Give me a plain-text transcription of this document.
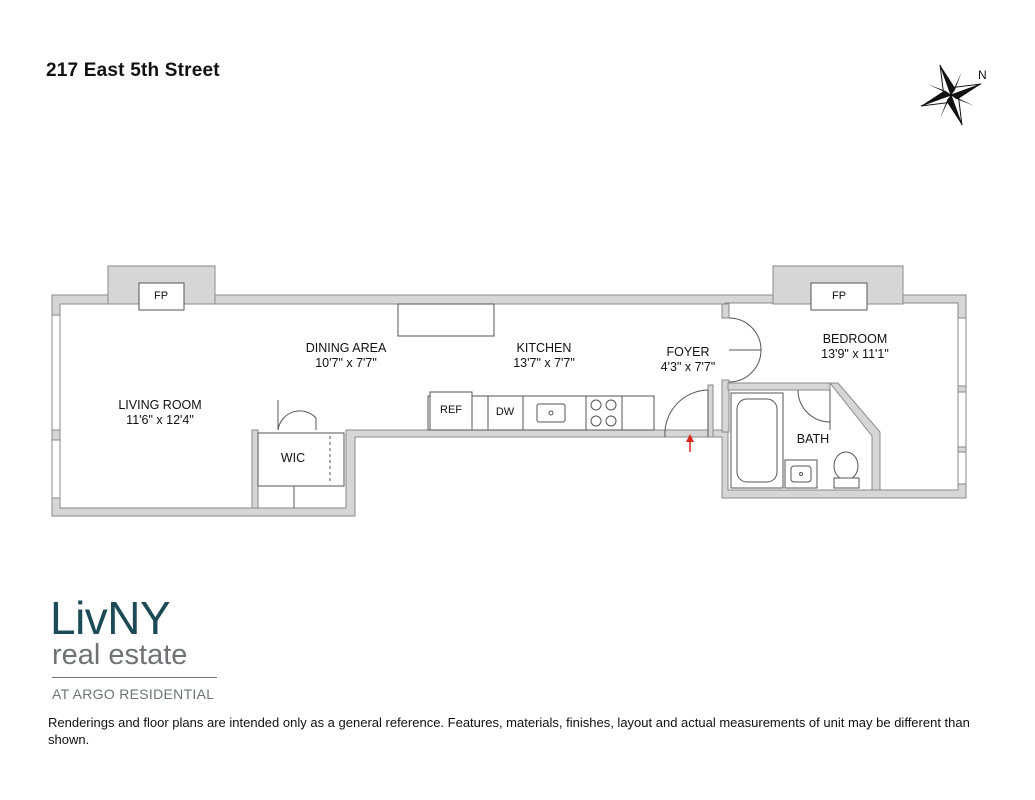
217 East 5th Street	N
FP	FP
REF	DW
LIVING ROOM
11'6" x 12'4"
DINING AREA
10'7" x 7'7"
KITCHEN
13'7" x 7'7"
FOYER
4'3" x 7'7"
BEDROOM
13'9" x 11'1"
BATH
WIC
LivNY
real estate
AT ARGO RESIDENTIAL
Renderings and floor plans are intended only as a general reference. Features, materials, finishes, layout and actual measurements of unit may be different than shown.
